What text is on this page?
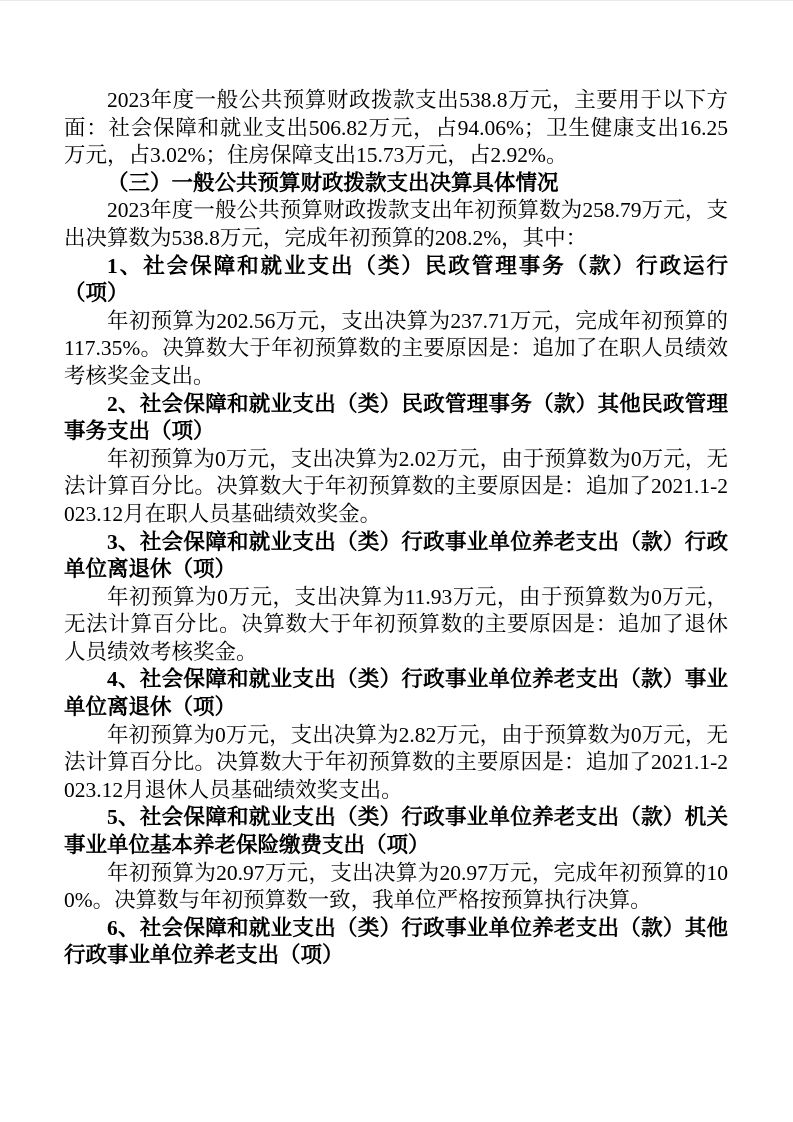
2023年度一般公共预算财政拨款支出538.8万元，主要用于以下方面：社会保障和就业支出506.82万元，占94.06%；卫生健康支出16.25万元，占3.02%；住房保障支出15.73万元，占2.92%。

（三）一般公共预算财政拨款支出决算具体情况

2023年度一般公共预算财政拨款支出年初预算数为258.79万元，支出决算数为538.8万元，完成年初预算的208.2%，其中：

1、社会保障和就业支出（类）民政管理事务（款）行政运行（项）

年初预算为202.56万元，支出决算为237.71万元，完成年初预算的117.35%。决算数大于年初预算数的主要原因是：追加了在职人员绩效考核奖金支出。

2、社会保障和就业支出（类）民政管理事务（款）其他民政管理事务支出（项）

年初预算为0万元，支出决算为2.02万元，由于预算数为0万元，无法计算百分比。决算数大于年初预算数的主要原因是：追加了2021.1-2023.12月在职人员基础绩效奖金。

3、社会保障和就业支出（类）行政事业单位养老支出（款）行政单位离退休（项）

年初预算为0万元，支出决算为11.93万元，由于预算数为0万元，无法计算百分比。决算数大于年初预算数的主要原因是：追加了退休人员绩效考核奖金。

4、社会保障和就业支出（类）行政事业单位养老支出（款）事业单位离退休（项）

年初预算为0万元，支出决算为2.82万元，由于预算数为0万元，无法计算百分比。决算数大于年初预算数的主要原因是：追加了2021.1-2023.12月退休人员基础绩效奖支出。

5、社会保障和就业支出（类）行政事业单位养老支出（款）机关事业单位基本养老保险缴费支出（项）

年初预算为20.97万元，支出决算为20.97万元，完成年初预算的100%。决算数与年初预算数一致，我单位严格按预算执行决算。

6、社会保障和就业支出（类）行政事业单位养老支出（款）其他行政事业单位养老支出（项）
